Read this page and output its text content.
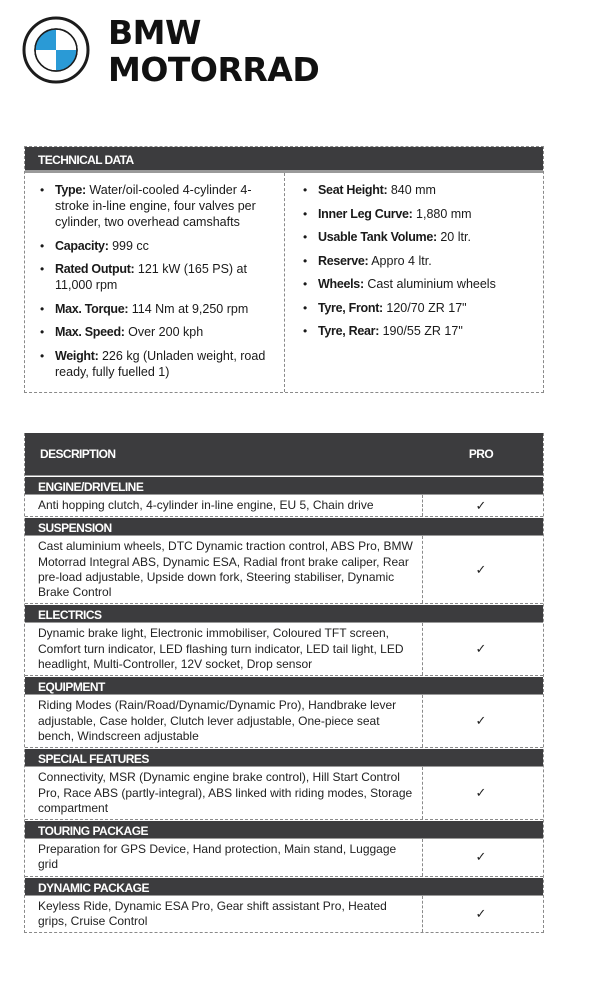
BMW
MOTORRAD
TECHNICAL DATA
• Type: Water/oil-cooled 4-cylinder 4-stroke in-line engine, four valves per cylinder, two overhead camshafts
• Capacity: 999 cc
• Rated Output: 121 kW (165 PS) at 11,000 rpm
• Max. Torque: 114 Nm at 9,250 rpm
• Max. Speed: Over 200 kph
• Weight: 226 kg (Unladen weight, road ready, fully fuelled 1)
• Seat Height: 840 mm
• Inner Leg Curve: 1,880 mm
• Usable Tank Volume: 20 ltr.
• Reserve: Appro 4 ltr.
• Wheels: Cast aluminium wheels
• Tyre, Front: 120/70 ZR 17"
• Tyre, Rear: 190/55 ZR 17"
DESCRIPTION	PRO
ENGINE/DRIVELINE
Anti hopping clutch, 4-cylinder in-line engine, EU 5, Chain drive	✓
SUSPENSION
Cast aluminium wheels, DTC Dynamic traction control, ABS Pro, BMW Motorrad Integral ABS, Dynamic ESA, Radial front brake caliper, Rear pre-load adjustable, Upside down fork, Steering stabiliser, Dynamic Brake Control
✓
ELECTRICS
Dynamic brake light, Electronic immobiliser, Coloured TFT screen, Comfort turn indicator, LED flashing turn indicator, LED tail light, LED headlight, Multi-Controller, 12V socket, Drop sensor
✓
EQUIPMENT
Riding Modes (Rain/Road/Dynamic/Dynamic Pro), Handbrake lever adjustable, Case holder, Clutch lever adjustable, One-piece seat bench, Windscreen adjustable
✓
SPECIAL FEATURES
Connectivity, MSR (Dynamic engine brake control), Hill Start Control Pro, Race ABS (partly-integral), ABS linked with riding modes, Storage compartment
✓
TOURING PACKAGE
Preparation for GPS Device, Hand protection, Main stand, Luggage grid	✓
DYNAMIC PACKAGE
Keyless Ride, Dynamic ESA Pro, Gear shift assistant Pro, Heated grips, Cruise Control	✓
